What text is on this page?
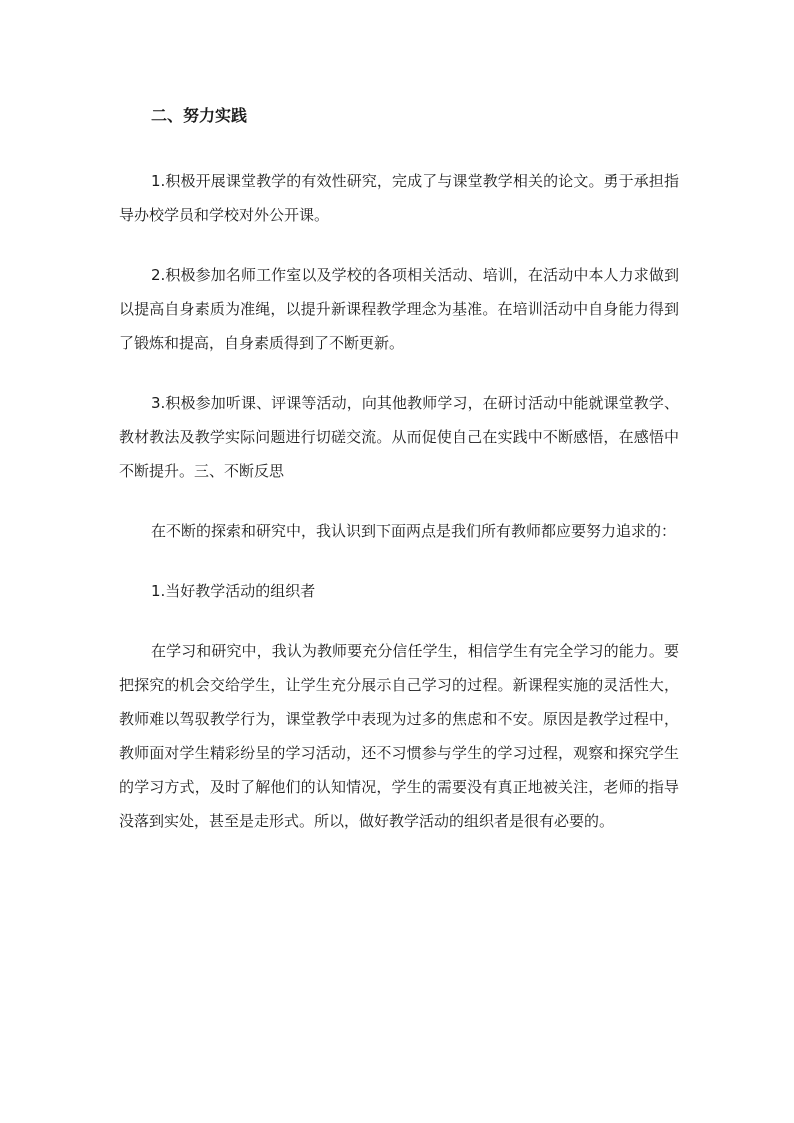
二、努力实践

1.积极开展课堂教学的有效性研究，完成了与课堂教学相关的论文。勇于承担指导办校学员和学校对外公开课。

2.积极参加名师工作室以及学校的各项相关活动、培训，在活动中本人力求做到以提高自身素质为准绳，以提升新课程教学理念为基准。在培训活动中自身能力得到了锻炼和提高，自身素质得到了不断更新。

3.积极参加听课、评课等活动，向其他教师学习，在研讨活动中能就课堂教学、教材教法及教学实际问题进行切磋交流。从而促使自己在实践中不断感悟，在感悟中不断提升。三、不断反思

在不断的探索和研究中，我认识到下面两点是我们所有教师都应要努力追求的：

1.当好教学活动的组织者

在学习和研究中，我认为教师要充分信任学生，相信学生有完全学习的能力。要把探究的机会交给学生，让学生充分展示自己学习的过程。新课程实施的灵活性大，教师难以驾驭教学行为，课堂教学中表现为过多的焦虑和不安。原因是教学过程中，教师面对学生精彩纷呈的学习活动，还不习惯参与学生的学习过程，观察和探究学生的学习方式，及时了解他们的认知情况，学生的需要没有真正地被关注，老师的指导没落到实处，甚至是走形式。所以，做好教学活动的组织者是很有必要的。
